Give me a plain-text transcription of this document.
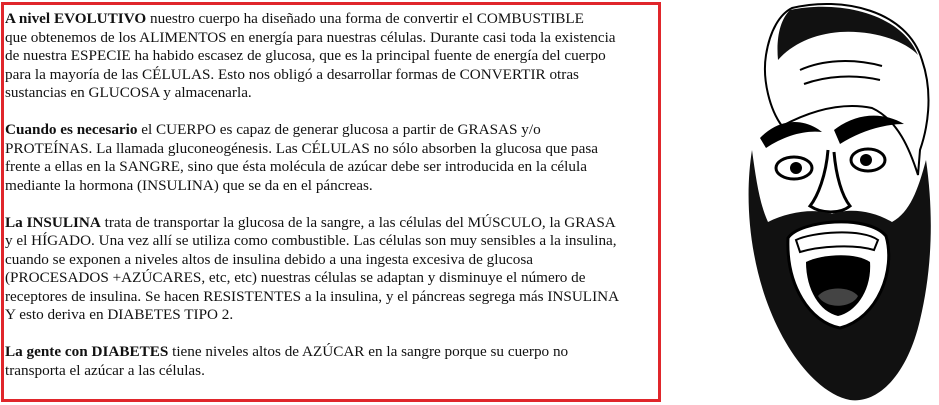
A nivel EVOLUTIVO nuestro cuerpo ha diseñado una forma de convertir el COMBUSTIBLE
que obtenemos de los ALIMENTOS en energía para nuestras células. Durante casi toda la existencia
de nuestra ESPECIE ha habido escasez de glucosa, que es la principal fuente de energía del cuerpo
para la mayoría de las CÉLULAS. Esto nos obligó a desarrollar formas de CONVERTIR otras
sustancias en GLUCOSA y almacenarla.

Cuando es necesario el CUERPO es capaz de generar glucosa a partir de GRASAS y/o
PROTEÍNAS. La llamada gluconeogénesis. Las CÉLULAS no sólo absorben la glucosa que pasa
frente a ellas en la SANGRE, sino que ésta molécula de azúcar debe ser introducida en la célula
mediante la hormona (INSULINA) que se da en el páncreas.

La INSULINA trata de transportar la glucosa de la sangre, a las células del MÚSCULO, la GRASA
y el HÍGADO. Una vez allí se utiliza como combustible. Las células son muy sensibles a la insulina,
cuando se exponen a niveles altos de insulina debido a una ingesta excesiva de glucosa
(PROCESADOS +AZÚCARES, etc, etc) nuestras células se adaptan y disminuye el número de
receptores de insulina. Se hacen RESISTENTES a la insulina, y el páncreas segrega más INSULINA
Y esto deriva en DIABETES TIPO 2.

La gente con DIABETES tiene niveles altos de AZÚCAR en la sangre porque su cuerpo no
transporta el azúcar a las células.
